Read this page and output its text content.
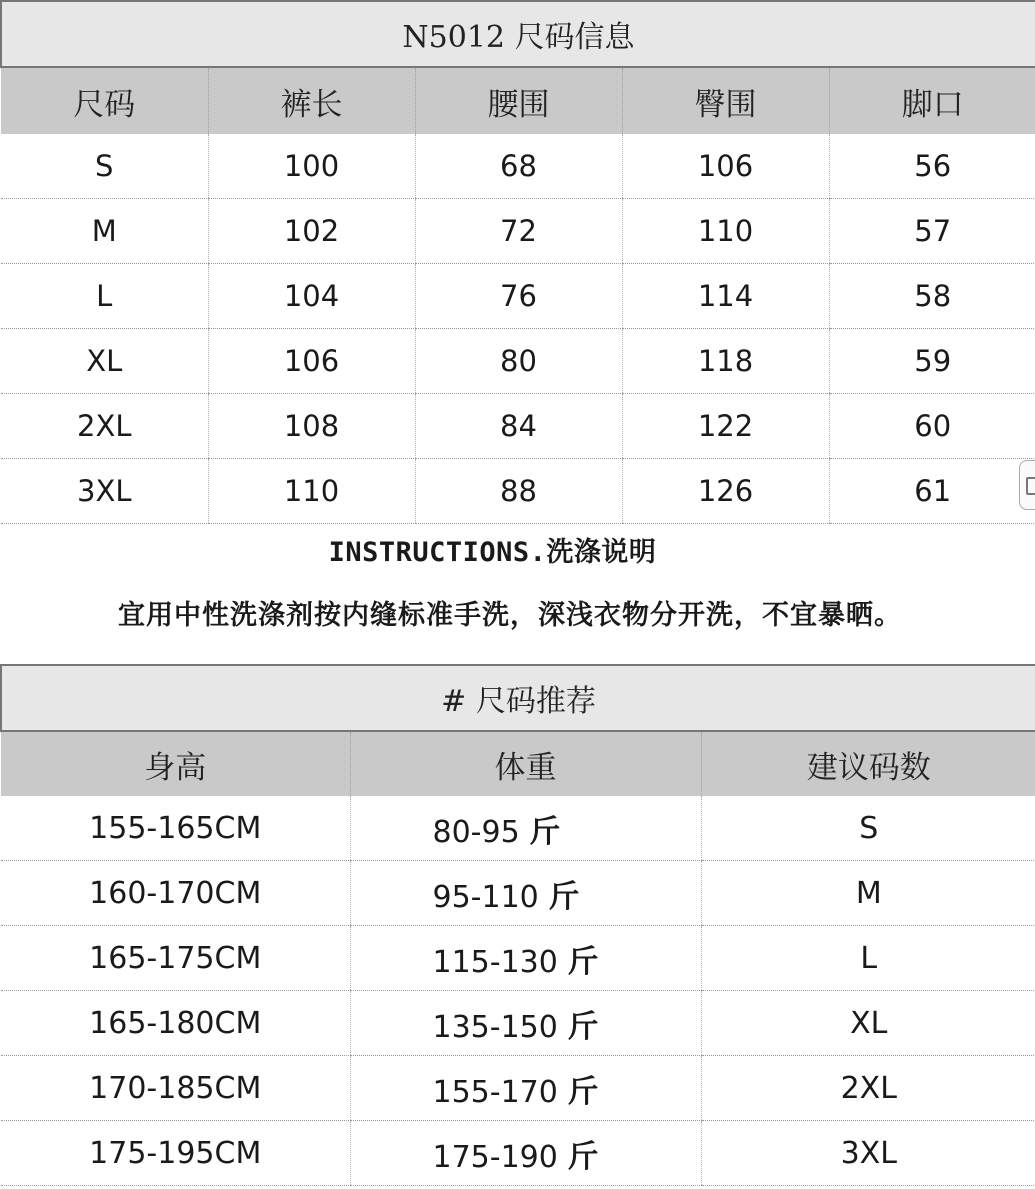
N5012 尺码信息				
尺码	裤长	腰围	臀围	脚口
S	100	68	106	56
M	102	72	110	57
L	104	76	114	58
XL	106	80	118	59
2XL	108	84	122	60
3XL	110	88	126	61
INSTRUCTIONS.洗涤说明
宜用中性洗涤剂按内缝标准手洗，深浅衣物分开洗，不宜暴晒。
# 尺码推荐		
身高	体重	建议码数
155-165CM	80-95 斤	S
160-170CM	95-110 斤	M
165-175CM	115-130 斤	L
165-180CM	135-150 斤	XL
170-185CM	155-170 斤	2XL
175-195CM	175-190 斤	3XL
